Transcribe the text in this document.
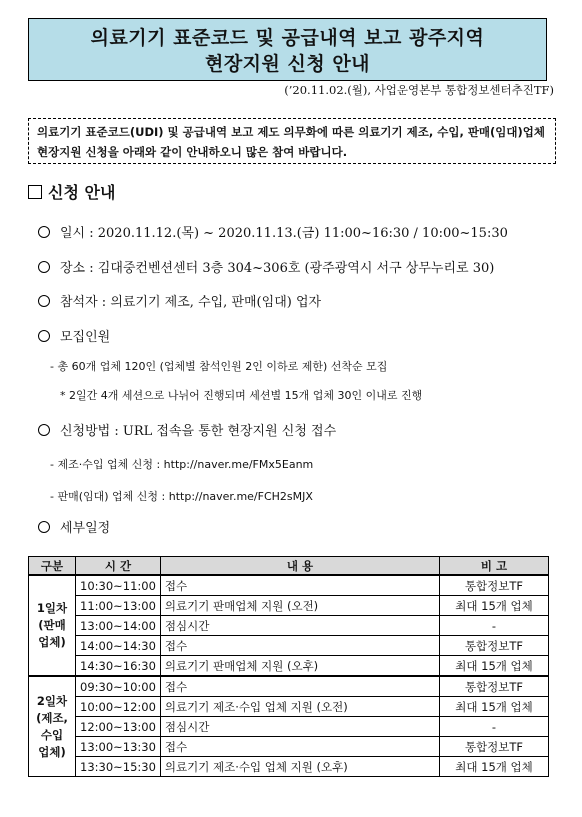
의료기기 표준코드 및 공급내역 보고 광주지역
현장지원 신청 안내
(’20.11.02.(월), 사업운영본부 통합정보센터추진TF)
의료기기 표준코드(UDI) 및 공급내역 보고 제도 의무화에 따른 의료기기 제조, 수입, 판매(임대)업체 현장지원 신청을 아래와 같이 안내하오니 많은 참여 바랍니다.
신청 안내
일시 : 2020.11.12.(목) ~ 2020.11.13.(금) 11:00~16:30 / 10:00~15:30
장소 : 김대중컨벤션센터 3층 304~306호 (광주광역시 서구 상무누리로 30)
참석자 : 의료기기 제조, 수입, 판매(임대) 업자
모집인원
- 총 60개 업체 120인 (업체별 참석인원 2인 이하로 제한) 선착순 모집
* 2일간 4개 세션으로 나뉘어 진행되며 세션별 15개 업체 30인 이내로 진행
신청방법 : URL 접속을 통한 현장지원 신청 접수
- 제조·수입 업체 신청 : http://naver.me/FMx5Eanm
- 판매(임대) 업체 신청 : http://naver.me/FCH2sMJX
세부일정
구분	시 간	내 용	비 고
1일차
(판매
업체)	10:30~11:00	접수	통합정보TF
	11:00~13:00	의료기기 판매업체 지원 (오전)	최대 15개 업체
	13:00~14:00	점심시간	-
	14:00~14:30	접수	통합정보TF
	14:30~16:30	의료기기 판매업체 지원 (오후)	최대 15개 업체
2일차
(제조,
수입
업체)	09:30~10:00	접수	통합정보TF
	10:00~12:00	의료기기 제조·수입 업체 지원 (오전)	최대 15개 업체
	12:00~13:00	점심시간	-
	13:00~13:30	접수	통합정보TF
	13:30~15:30	의료기기 제조·수입 업체 지원 (오후)	최대 15개 업체
